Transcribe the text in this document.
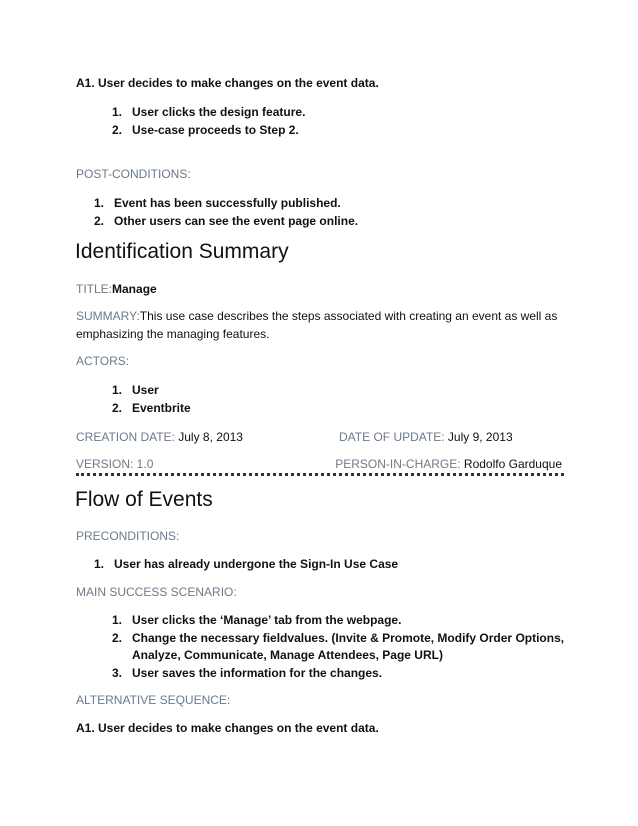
A1. User decides to make changes on the event data.
1. User clicks the design feature.
2. Use-case proceeds to Step 2.
POST-CONDITIONS:
1. Event has been successfully published.
2. Other users can see the event page online.
Identification Summary
TITLE:Manage
SUMMARY:This use case describes the steps associated with creating an event as well as
emphasizing the managing features.
ACTORS:
1. User
2. Eventbrite
CREATION DATE: July 8, 2013	DATE OF UPDATE: July 9, 2013
VERSION: 1.0	PERSON-IN-CHARGE: Rodolfo Garduque
Flow of Events
PRECONDITIONS:
1. User has already undergone the Sign-In Use Case
MAIN SUCCESS SCENARIO:
1. User clicks the ‘Manage’ tab from the webpage.
2. Change the necessary fieldvalues. (Invite & Promote, Modify Order Options,
Analyze, Communicate, Manage Attendees, Page URL)
3. User saves the information for the changes.
ALTERNATIVE SEQUENCE:
A1. User decides to make changes on the event data.
